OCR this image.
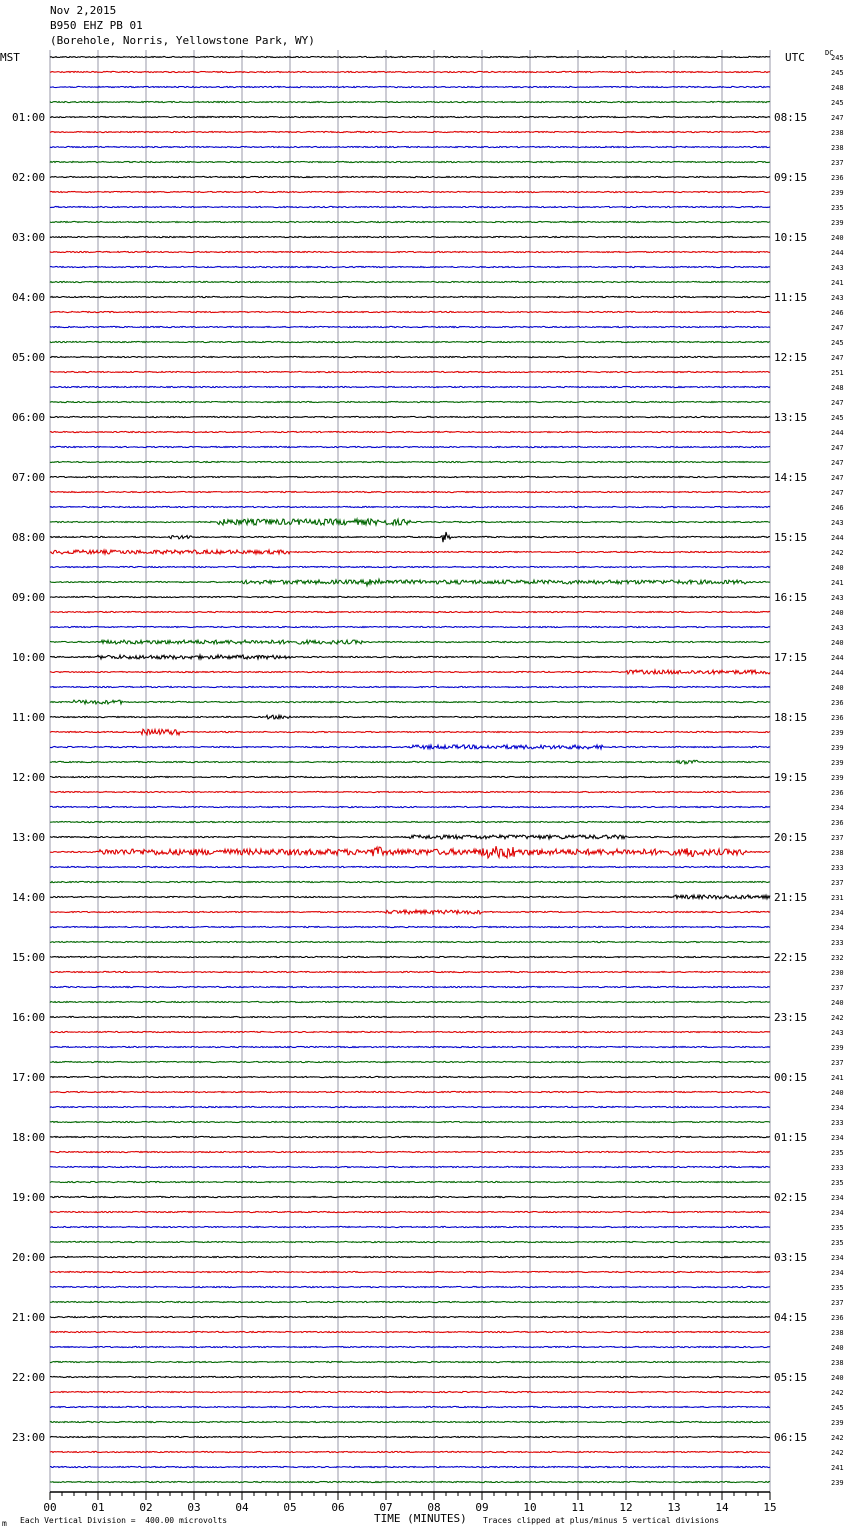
Nov 2,2015
B950 EHZ PB 01
(Borehole, Norris, Yellowstone Park, WY)
MST	UTC	DC
245
245
248
245
247
238
238
237
236
239
235
239
240
244
243
241
243
246
247
245
247
251
248
247
245
244
247
247
247
247
246
243
244
242
240
241
243
240
243
240
244
244
240
236
236
239
239
239
239
236
234
236
237
238
233
237
231
234
234
233
232
230
237
240
242
243
239
237
241
240
234
233
234
235
233
235
234
234
235
235
234
234
235
237
236
238
240
238
240
242
245
239
242
242
241
239
01:00
02:00
03:00
04:00
05:00
06:00
07:00
08:00
09:00
10:00
11:00
12:00
13:00
14:00
15:00
16:00
17:00
18:00
19:00
20:00
21:00
22:00
23:00
08:15
09:15
10:15
11:15
12:15
13:15
14:15
15:15
16:15
17:15
18:15
19:15
20:15
21:15
22:15
23:15
00:15
01:15
02:15
03:15
04:15
05:15
06:15
00	01	02	03	04	05	06	07	08	09	10	11	12	13	14	15
m Each Vertical Division =  400.00 microvolts	TIME (MINUTES) Traces clipped at plus/minus 5 vertical divisions
